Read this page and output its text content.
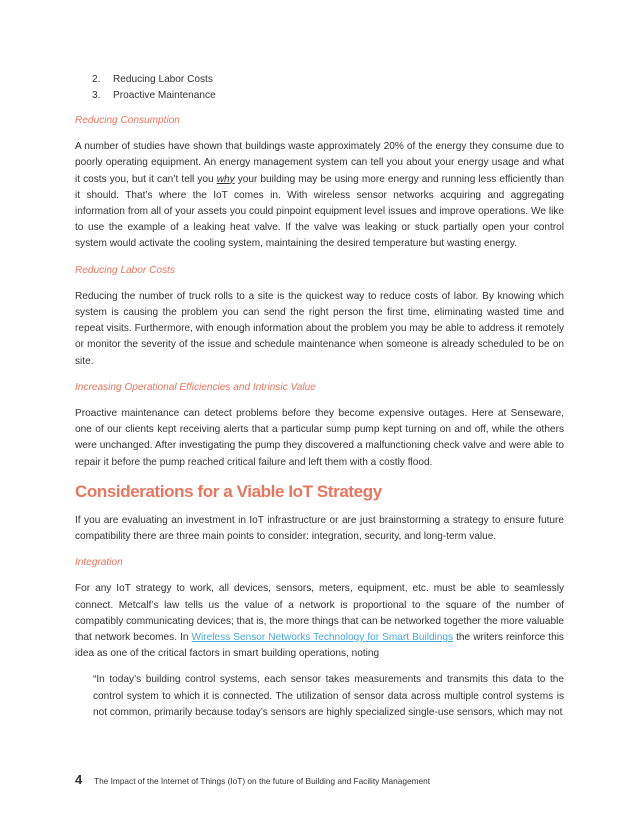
2. Reducing Labor Costs
3. Proactive Maintenance
Reducing Consumption

A number of studies have shown that buildings waste approximately 20% of the energy they consume due to poorly operating equipment. An energy management system can tell you about your energy usage and what it costs you, but it can’t tell you why your building may be using more energy and running less efficiently than it should. That’s where the IoT comes in. With wireless sensor networks acquiring and aggregating information from all of your assets you could pinpoint equipment level issues and improve operations. We like to use the example of a leaking heat valve. If the valve was leaking or stuck partially open your control system would activate the cooling system, maintaining the desired temperature but wasting energy.

Reducing Labor Costs

Reducing the number of truck rolls to a site is the quickest way to reduce costs of labor. By knowing which system is causing the problem you can send the right person the first time, eliminating wasted time and repeat visits. Furthermore, with enough information about the problem you may be able to address it remotely or monitor the severity of the issue and schedule maintenance when someone is already scheduled to be on site.

Increasing Operational Efficiencies and Intrinsic Value

Proactive maintenance can detect problems before they become expensive outages. Here at Senseware, one of our clients kept receiving alerts that a particular sump pump kept turning on and off, while the others were unchanged. After investigating the pump they discovered a malfunctioning check valve and were able to repair it before the pump reached critical failure and left them with a costly flood.

Considerations for a Viable IoT Strategy

If you are evaluating an investment in IoT infrastructure or are just brainstorming a strategy to ensure future compatibility there are three main points to consider: integration, security, and long-term value.

Integration

For any IoT strategy to work, all devices, sensors, meters, equipment, etc. must be able to seamlessly connect. Metcalf’s law tells us the value of a network is proportional to the square of the number of compatibly communicating devices; that is, the more things that can be networked together the more valuable that network becomes. In Wireless Sensor Networks Technology for Smart Buildings the writers reinforce this idea as one of the critical factors in smart building operations, noting

“In today’s building control systems, each sensor takes measurements and transmits this data to the control system to which it is connected. The utilization of sensor data across multiple control systems is not common, primarily because today’s sensors are highly specialized single-use sensors, which may not
4	The Impact of the Internet of Things (IoT) on the future of Building and Facility Management
